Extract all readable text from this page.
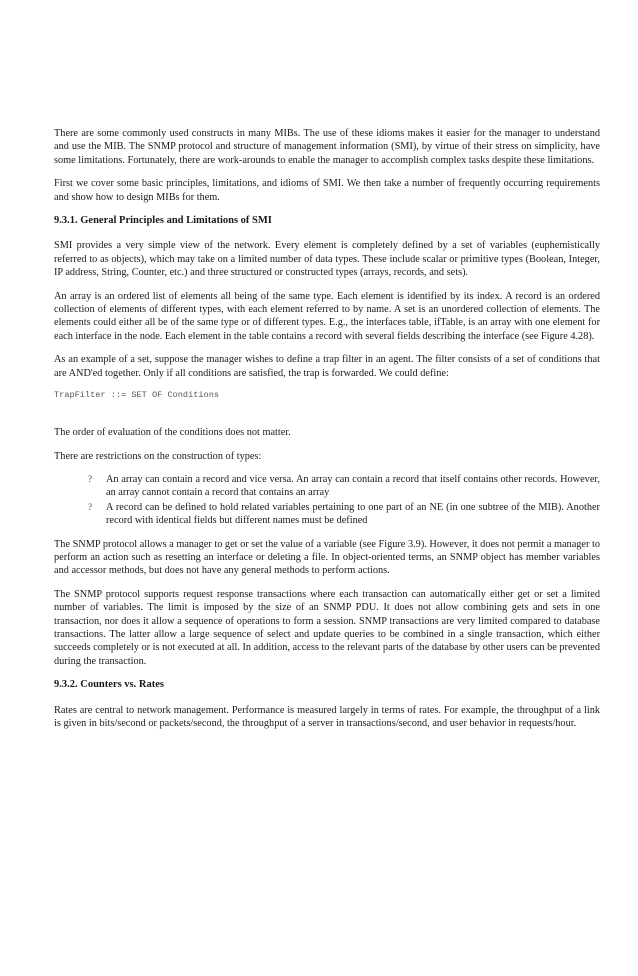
There are some commonly used constructs in many MIBs. The use of these idioms makes it easier for the manager to understand and use the MIB. The SNMP protocol and structure of management information (SMI), by virtue of their stress on simplicity, have some limitations. Fortunately, there are work-arounds to enable the manager to accomplish complex tasks despite these limitations.

First we cover some basic principles, limitations, and idioms of SMI. We then take a number of frequently occurring requirements and show how to design MIBs for them.

9.3.1. General Principles and Limitations of SMI

SMI provides a very simple view of the network. Every element is completely defined by a set of variables (euphemistically referred to as objects), which may take on a limited number of data types. These include scalar or primitive types (Boolean, Integer, IP address, String, Counter, etc.) and three structured or constructed types (arrays, records, and sets).

An array is an ordered list of elements all being of the same type. Each element is identified by its index. A record is an ordered collection of elements of different types, with each element referred to by name. A set is an unordered collection of elements. The elements could either all be of the same type or of different types. E.g., the interfaces table, ifTable, is an array with one element for each interface in the node. Each element in the table contains a record with several fields describing the interface (see Figure 4.28).

As an example of a set, suppose the manager wishes to define a trap filter in an agent. The filter consists of a set of conditions that are AND'ed together. Only if all conditions are satisfied, the trap is forwarded. We could define:

TrapFilter ::= SET OF Conditions

The order of evaluation of the conditions does not matter.

There are restrictions on the construction of types:

? An array can contain a record and vice versa. An array can contain a record that itself contains other records. However, an array cannot contain a record that contains an array
? A record can be defined to hold related variables pertaining to one part of an NE (in one subtree of the MIB). Another record with identical fields but different names must be defined

The SNMP protocol allows a manager to get or set the value of a variable (see Figure 3.9). However, it does not permit a manager to perform an action such as resetting an interface or deleting a file. In object-oriented terms, an SNMP object has member variables and accessor methods, but does not have any general methods to perform actions.

The SNMP protocol supports request response transactions where each transaction can automatically either get or set a limited number of variables. The limit is imposed by the size of an SNMP PDU. It does not allow combining gets and sets in one transaction, nor does it allow a sequence of operations to form a session. SNMP transactions are very limited compared to database transactions. The latter allow a large sequence of select and update queries to be combined in a single transaction, which either succeeds completely or is not executed at all. In addition, access to the relevant parts of the database by other users can be prevented during the transaction.

9.3.2. Counters vs. Rates

Rates are central to network management. Performance is measured largely in terms of rates. For example, the throughput of a link is given in bits/second or packets/second, the throughput of a server in transactions/second, and user behavior in requests/hour.
